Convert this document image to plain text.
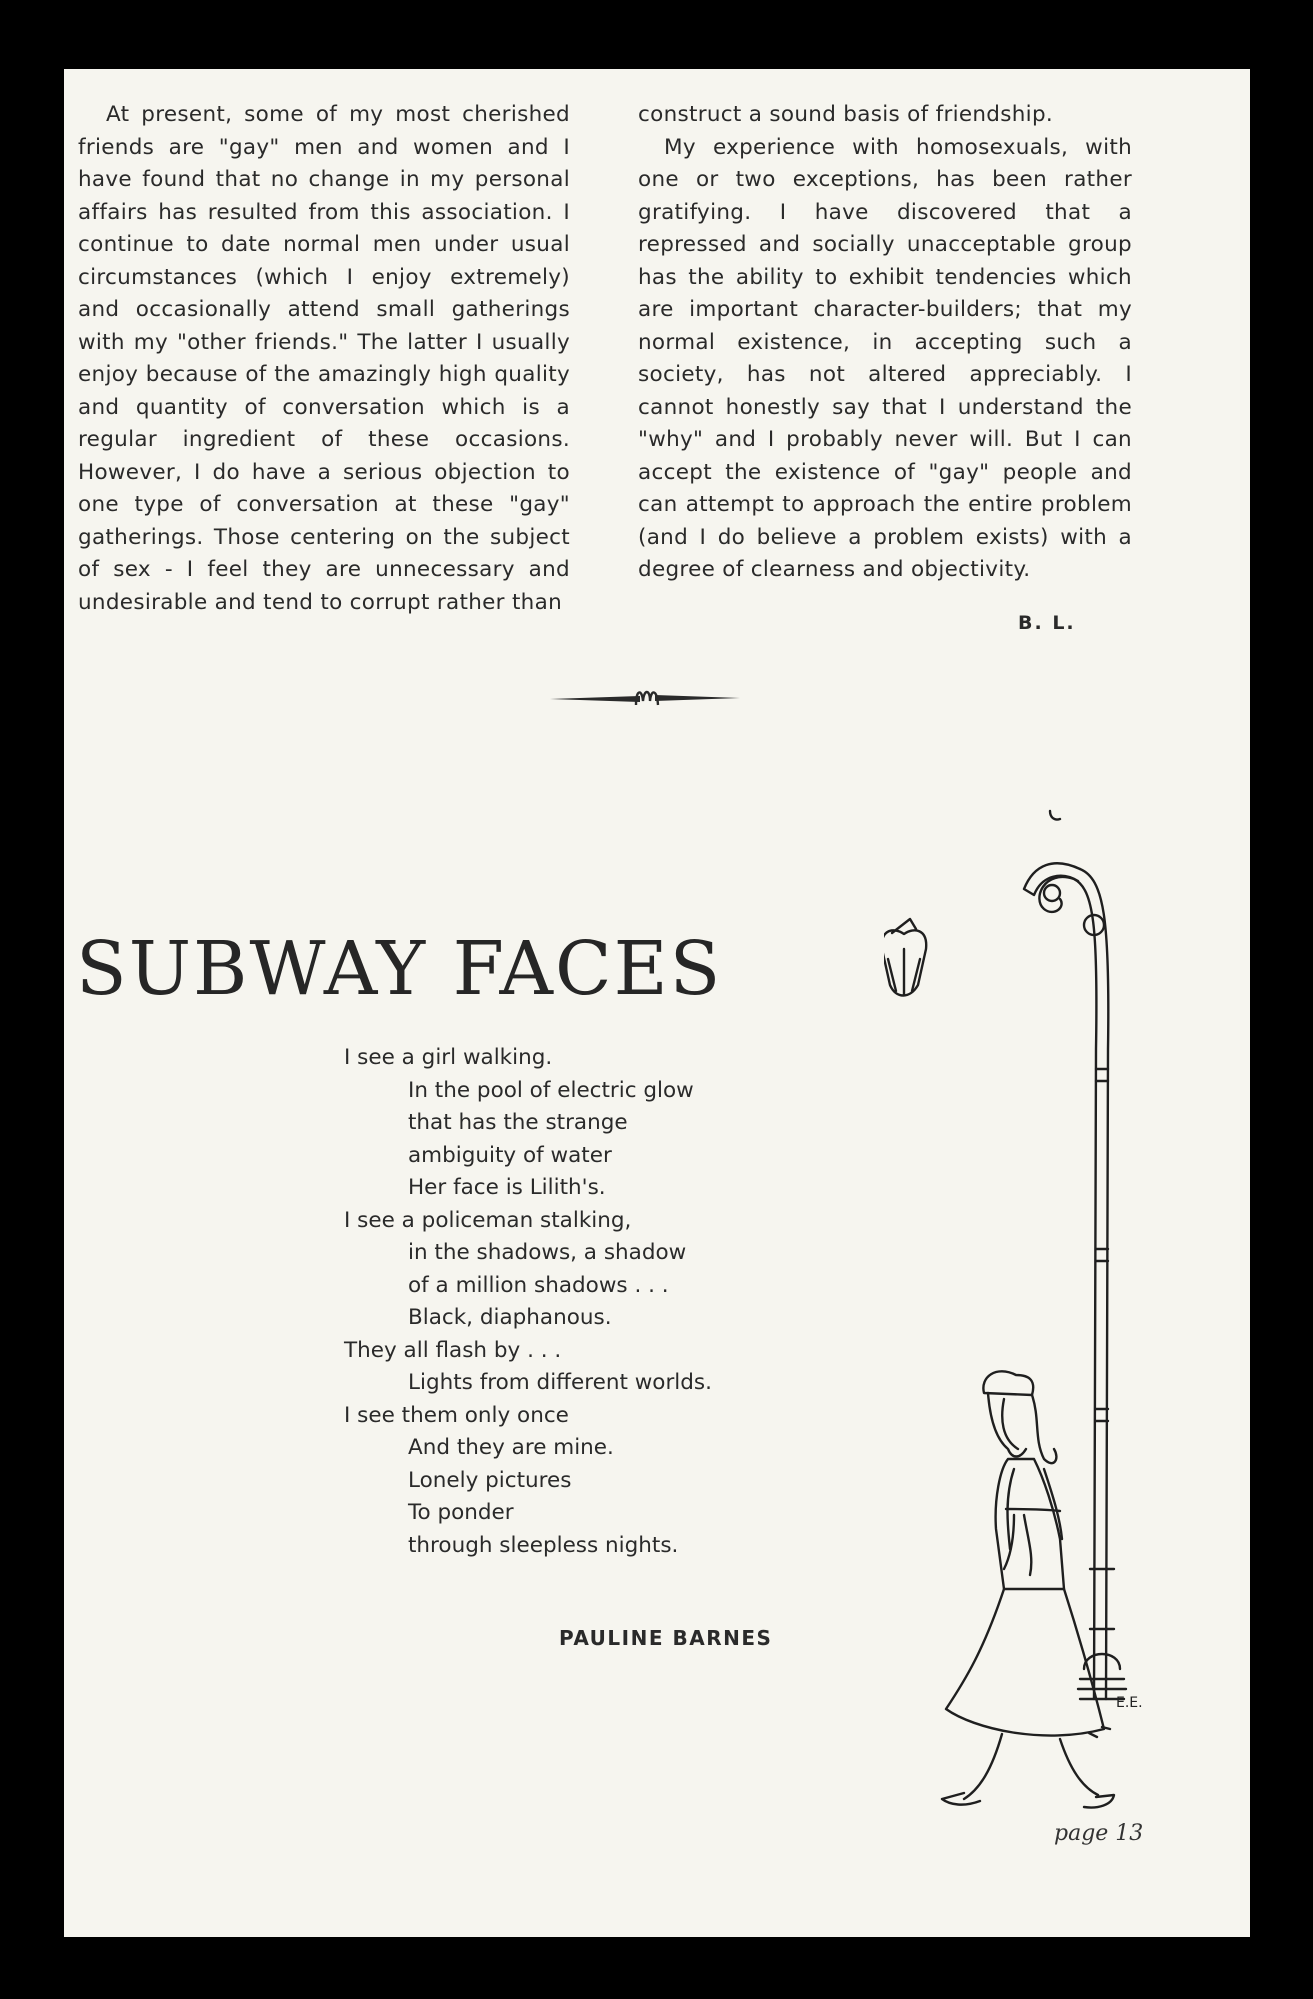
At present, some of my most cherished friends are "gay" men and women and I have found that no change in my personal affairs has resulted from this association. I continue to date normal men under usual circumstances (which I enjoy extremely) and occasionally attend small gatherings with my "other friends." The latter I usually enjoy because of the amazingly high quality and quantity of conversation which is a regular ingredient of these occasions. However, I do have a serious objection to one type of conversation at these "gay" gatherings. Those centering on the subject of sex - I feel they are unnecessary and undesirable and tend to corrupt rather than

construct a sound basis of friendship.

My experience with homosexuals, with one or two exceptions, has been rather gratifying. I have discovered that a repressed and socially unacceptable group has the ability to exhibit tendencies which are important character-builders; that my normal existence, in accepting such a society, has not altered appreciably. I cannot honestly say that I understand the "why" and I probably never will. But I can accept the existence of "gay" people and can attempt to approach the entire problem (and I do believe a problem exists) with a degree of clearness and objectivity.

B. L.
SUBWAY FACES
I see a girl walking.
In the pool of electric glow
that has the strange
ambiguity of water
Her face is Lilith's.
I see a policeman stalking,
in the shadows, a shadow
of a million shadows . . .
Black, diaphanous.
They all flash by . . .
Lights from different worlds.
I see them only once
And they are mine.
Lonely pictures
To ponder
through sleepless nights.
PAULINE BARNES
E.E.
page 13
